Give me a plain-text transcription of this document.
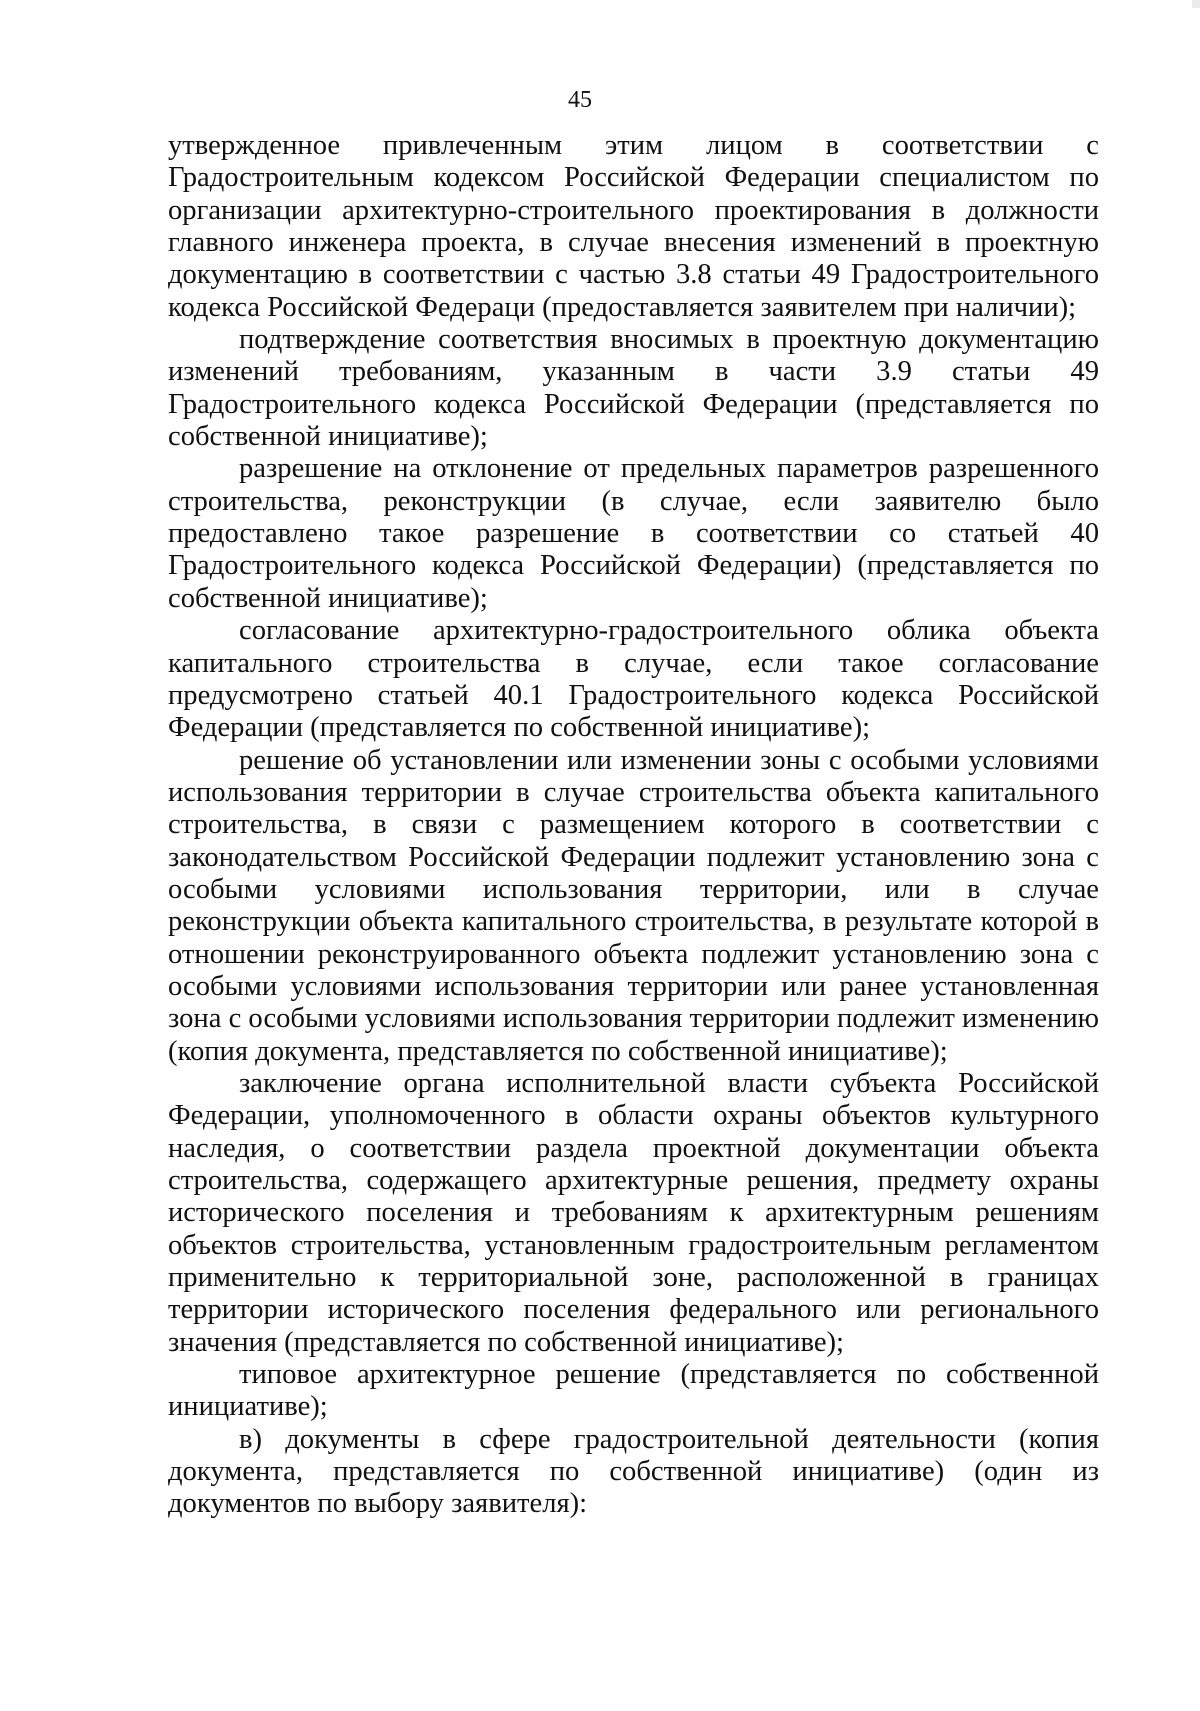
45

утвержденное привлеченным этим лицом в соответствии с Градостроительным кодексом Российской Федерации специалистом по организации архитектурно-строительного проектирования в должности главного инженера проекта, в случае внесения изменений в проектную документацию в соответствии с частью 3.8 статьи 49 Градостроительного кодекса Российской Федераци (предоставляется заявителем при наличии);

подтверждение соответствия вносимых в проектную документацию изменений требованиям, указанным в части 3.9 статьи 49 Градостроительного кодекса Российской Федерации (представляется по собственной инициативе);

разрешение на отклонение от предельных параметров разрешенного строительства, реконструкции (в случае, если заявителю было предоставлено такое разрешение в соответствии со статьей 40 Градостроительного кодекса Российской Федерации) (представляется по собственной инициативе);

согласование архитектурно-градостроительного облика объекта капитального строительства в случае, если такое согласование предусмотрено статьей 40.1 Градостроительного кодекса Российской Федерации (представляется по собственной инициативе);

решение об установлении или изменении зоны с особыми условиями использования территории в случае строительства объекта капитального строительства, в связи с размещением которого в соответствии с законодательством Российской Федерации подлежит установлению зона с особыми условиями использования территории, или в случае реконструкции объекта капитального строительства, в результате которой в отношении реконструированного объекта подлежит установлению зона с особыми условиями использования территории или ранее установленная зона с особыми условиями использования территории подлежит изменению (копия документа, представляется по собственной инициативе);

заключение органа исполнительной власти субъекта Российской Федерации, уполномоченного в области охраны объектов культурного наследия, о соответствии раздела проектной документации объекта строительства, содержащего архитектурные решения, предмету охраны исторического поселения и требованиям к архитектурным решениям объектов строительства, установленным градостроительным регламентом применительно к территориальной зоне, расположенной в границах территории исторического поселения федерального или регионального значения (представляется по собственной инициативе);

типовое архитектурное решение (представляется по собственной инициативе);

в) документы в сфере градостроительной деятельности (копия документа, представляется по собственной инициативе) (один из документов по выбору заявителя):
